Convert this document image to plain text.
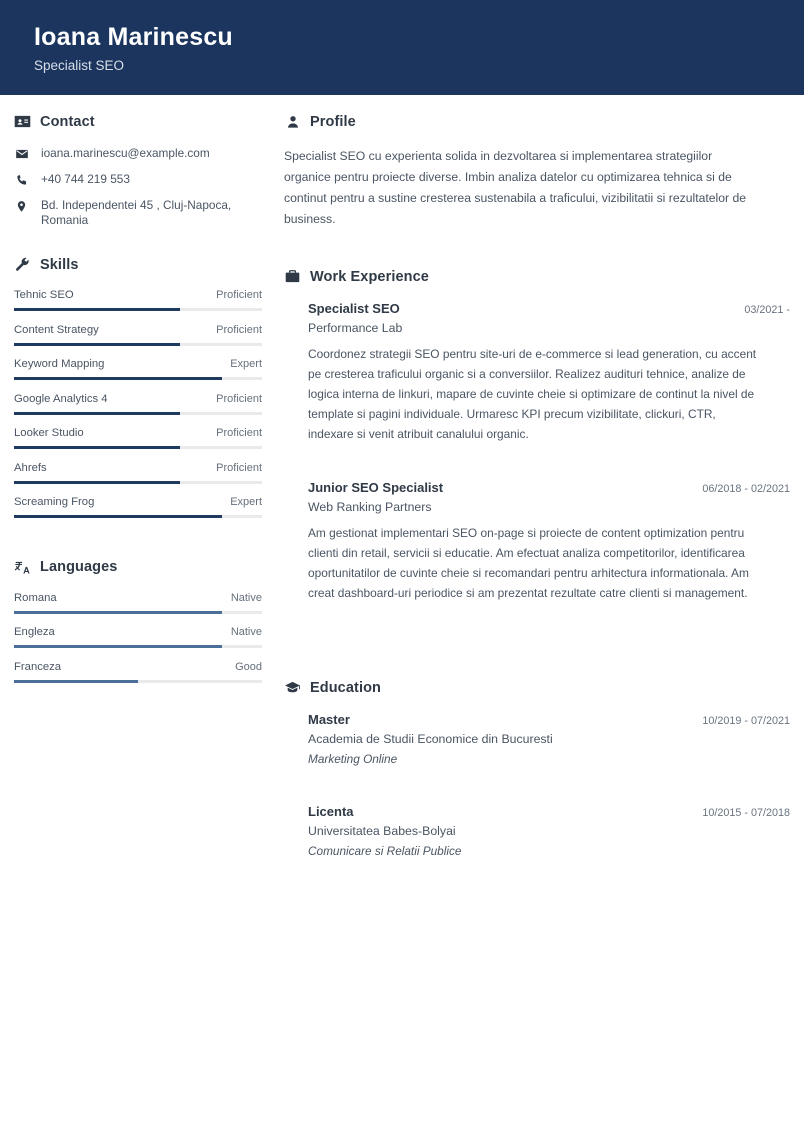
Ioana Marinescu
Specialist SEO
Contact
ioana.marinescu@example.com
+40 744 219 553
Bd. Independentei 45 , Cluj-Napoca, Romania
Skills
Tehnic SEO	Proficient
Content Strategy	Proficient
Keyword Mapping	Expert
Google Analytics 4	Proficient
Looker Studio	Proficient
Ahrefs	Proficient
Screaming Frog	Expert
Languages
Romana	Native
Engleza	Native
Franceza	Good
Profile
Specialist SEO cu experienta solida in dezvoltarea si implementarea strategiilor organice pentru proiecte diverse. Imbin analiza datelor cu optimizarea tehnica si de continut pentru a sustine cresterea sustenabila a traficului, vizibilitatii si rezultatelor de business.
Work Experience
Specialist SEO	03/2021 -
Performance Lab
Coordonez strategii SEO pentru site-uri de e-commerce si lead generation, cu accent pe cresterea traficului organic si a conversiilor. Realizez audituri tehnice, analize de logica interna de linkuri, mapare de cuvinte cheie si optimizare de continut la nivel de template si pagini individuale. Urmaresc KPI precum vizibilitate, clickuri, CTR, indexare si venit atribuit canalului organic.
Junior SEO Specialist	06/2018 - 02/2021
Web Ranking Partners
Am gestionat implementari SEO on-page si proiecte de content optimization pentru clienti din retail, servicii si educatie. Am efectuat analiza competitorilor, identificarea oportunitatilor de cuvinte cheie si recomandari pentru arhitectura informationala. Am creat dashboard-uri periodice si am prezentat rezultate catre clienti si management.
Education
Master	10/2019 - 07/2021
Academia de Studii Economice din Bucuresti
Marketing Online
Licenta	10/2015 - 07/2018
Universitatea Babes-Bolyai
Comunicare si Relatii Publice
